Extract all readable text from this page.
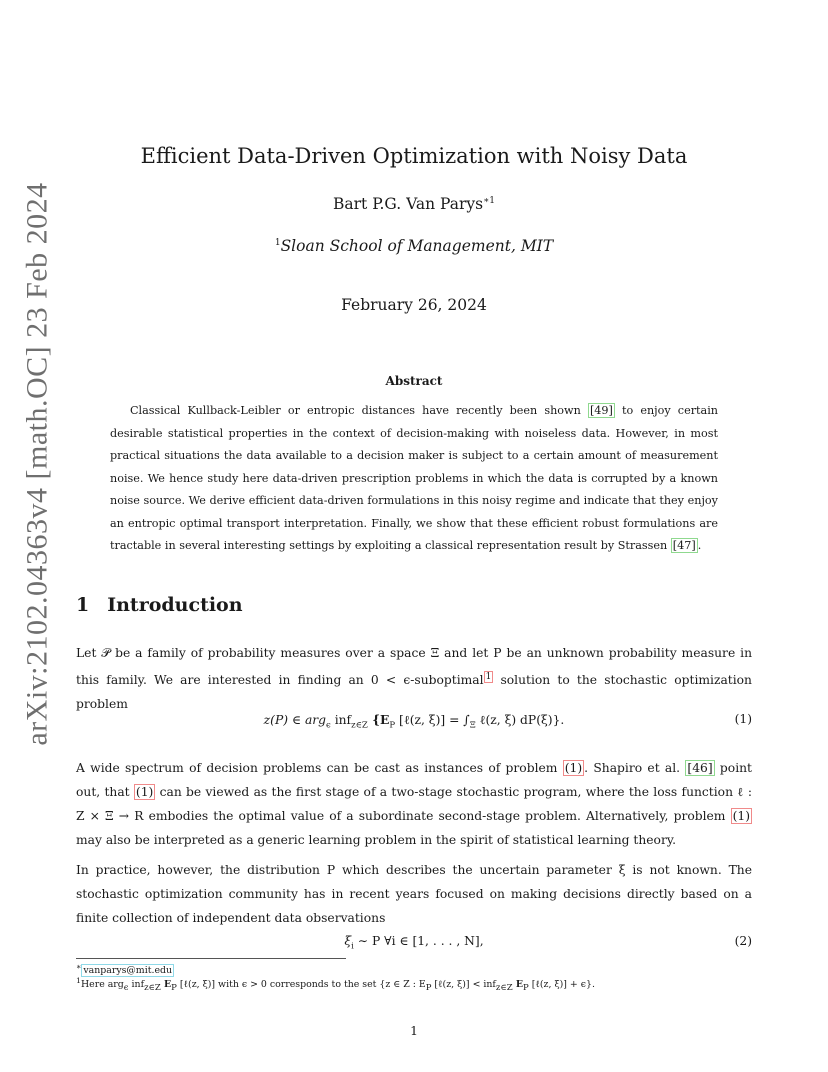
arXiv:2102.04363v4 [math.OC] 23 Feb 2024
Efficient Data-Driven Optimization with Noisy Data
Bart P.G. Van Parys$^{∗1}$
$^1$Sloan School of Management, MIT
February 26, 2024
Abstract
Classical Kullback-Leibler or entropic distances have recently been shown [49] to enjoy certain desirable statistical properties in the context of decision-making with noiseless data. However, in most practical situations the data available to a decision maker is subject to a certain amount of measurement noise. We hence study here data-driven prescription problems in which the data is corrupted by a known noise source. We derive efficient data-driven formulations in this noisy regime and indicate that they enjoy an entropic optimal transport interpretation. Finally, we show that these efficient robust formulations are tractable in several interesting settings by exploiting a classical representation result by Strassen [47] .
1 Introduction
Let 𝒫 be a family of probability measures over a space Ξ and let P be an unknown probability measure in this family. We are interested in finding an 0 < ϵ-suboptimal $^1$ solution to the stochastic optimization problem
z(P) ∈ arg$_\epsilon$ inf$_{z\in Z}$ {$E_P$ [ℓ(z, $\xi)] = \int_\Xi$ ℓ(z, ξ) dP(ξ)}.	(1)
A wide spectrum of decision problems can be cast as instances of problem (1) . Shapiro et al. [46] point out, that (1) can be viewed as the first stage of a two-stage stochastic program, where the loss function ℓ : Z × Ξ → R embodies the optimal value of a subordinate second-stage problem. Alternatively, problem (1) may also be interpreted as a generic learning problem in the spirit of statistical learning theory.
In practice, however, the distribution P which describes the uncertain parameter ξ is not known. The stochastic optimization community has in recent years focused on making decisions directly based on a finite collection of independent data observations
$\xi_i$ ∼ P ∀i ∈ [1, . . . , N],	(2)
∗ vanparys@mit.edu
$^1$Here arg$_\epsilon$ inf$_{z\in Z}$ $E_P$ [ℓ(z, ξ)] with ϵ > 0 corresponds to the set {z ∈ Z : $E_P$ [ℓ(z, ξ)] < inf$_{z\in Z}$ $E_P$ [ℓ(z, ξ)] + ϵ}.
1
